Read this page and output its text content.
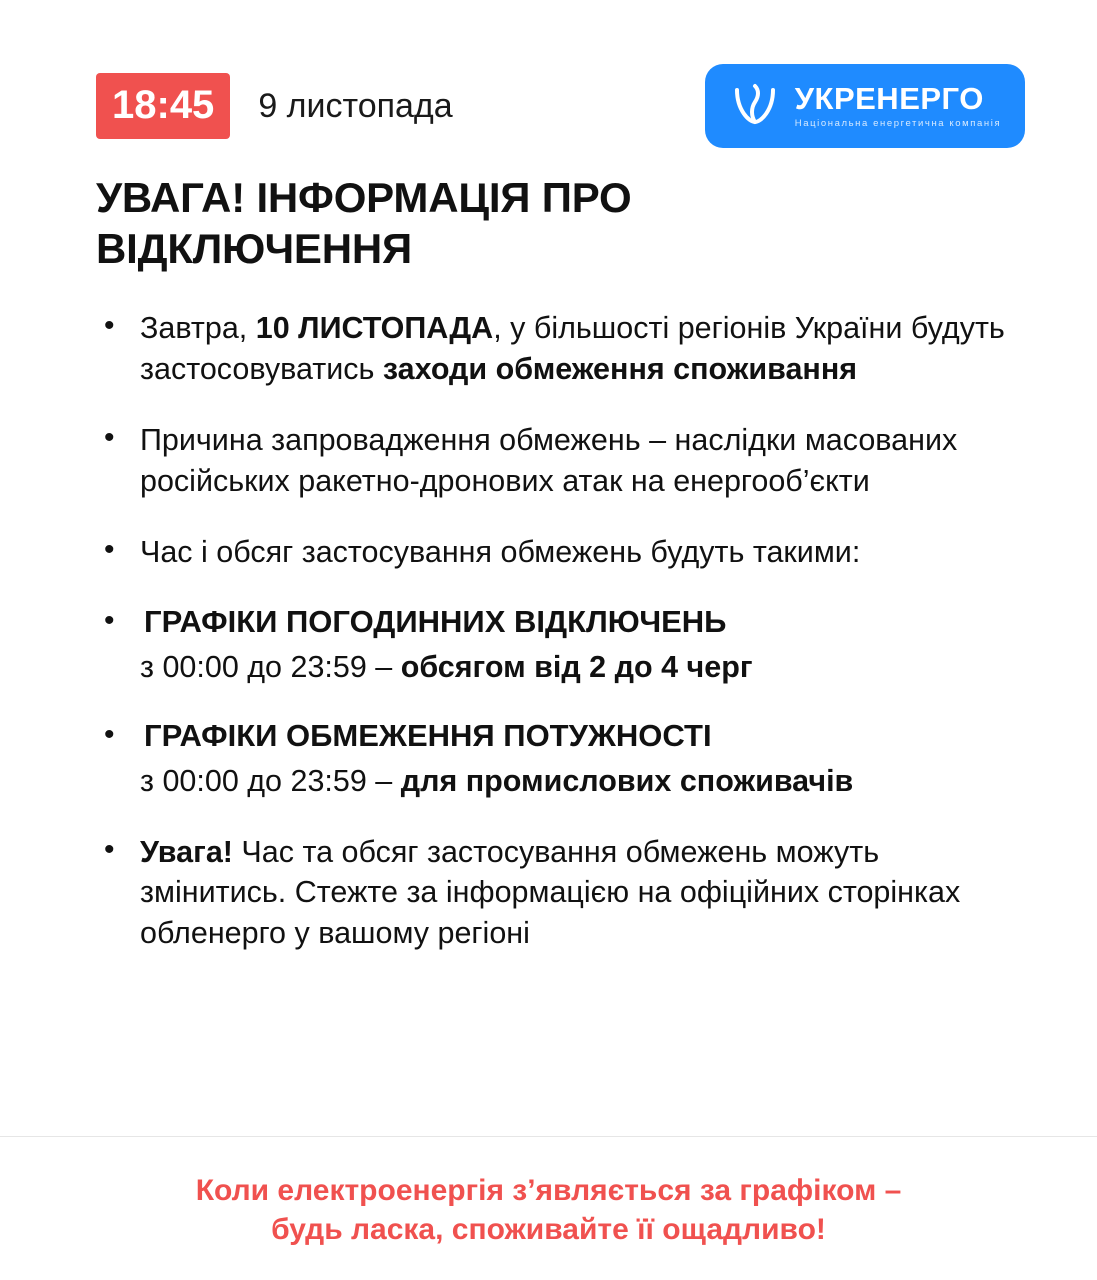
18:45	9 листопада	УКРЕНЕРГО
Національна енергетична компанія
УВАГА! ІНФОРМАЦІЯ ПРО ВІДКЛЮЧЕННЯ
• Завтра, 10 ЛИСТОПАДА, у більшості регіонів України будуть застосовуватись заходи обмеження споживання
• Причина запровадження обмежень – наслідки масованих російських ракетно-дронових атак на енергооб’єкти
• Час і обсяг застосування обмежень будуть такими:
• ГРАФІКИ ПОГОДИННИХ ВІДКЛЮЧЕНЬ
з 00:00 до 23:59 – обсягом від 2 до 4 черг
• ГРАФІКИ ОБМЕЖЕННЯ ПОТУЖНОСТІ
з 00:00 до 23:59 – для промислових споживачів
• Увага! Час та обсяг застосування обмежень можуть змінитись. Стежте за інформацією на офіційних сторінках обленерго у вашому регіоні

Коли електроенергія з’являється за графіком –

будь ласка, споживайте її ощадливо!
